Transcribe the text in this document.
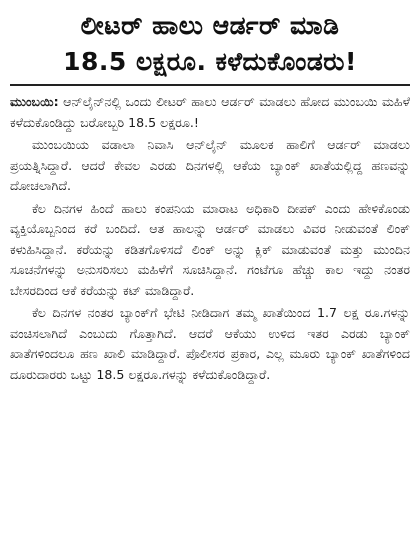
ಲೀಟರ್ ಹಾಲು ಆರ್ಡರ್ ಮಾಡಿ
18.5 ಲಕ್ಷರೂ. ಕಳೆದುಕೊಂಡರು!

ಮುಂಬಯಿ: ಆನ್‌ಲೈನ್‌ನಲ್ಲಿ ಒಂದು ಲೀಟರ್ ಹಾಲು ಆರ್ಡರ್ ಮಾಡಲು ಹೋದ ಮುಂಬಯಿ ಮಹಿಳೆ ಕಳೆದುಕೊಂಡಿದ್ದು ಬರೋಬ್ಬರಿ 18.5 ಲಕ್ಷರೂ.!

ಮುಂಬಯಿಯ ವಡಾಲಾ ನಿವಾಸಿ ಆನ್‌ಲೈನ್ ಮೂಲಕ ಹಾಲಿಗೆ ಆರ್ಡರ್ ಮಾಡಲು ಪ್ರಯತ್ನಿಸಿದ್ದಾರೆ. ಆದರೆ ಕೇವಲ ಎರಡು ದಿನಗಳಲ್ಲಿ ಆಕೆಯ ಬ್ಯಾಂಕ್ ಖಾತೆಯಲ್ಲಿದ್ದ ಹಣವನ್ನು ದೋಚಲಾಗಿದೆ.

ಕೆಲ ದಿನಗಳ ಹಿಂದೆ ಹಾಲು ಕಂಪನಿಯ ಮಾರಾಟ ಅಧಿಕಾರಿ ದೀಪಕ್ ಎಂದು ಹೇಳಿಕೊಂಡು ವ್ಯಕ್ತಿಯೊಬ್ಬನಿಂದ ಕರೆ ಬಂದಿದೆ. ಆತ ಹಾಲನ್ನು ಆರ್ಡರ್ ಮಾಡಲು ವಿವರ ನೀಡುವಂತೆ ಲಿಂಕ್ ಕಳುಹಿಸಿದ್ದಾನೆ. ಕರೆಯನ್ನು ಕಡಿತಗೊಳಿಸದೆ ಲಿಂಕ್ ಅನ್ನು ಕ್ಲಿಕ್ ಮಾಡುವಂತೆ ಮತ್ತು ಮುಂದಿನ ಸೂಚನೆಗಳನ್ನು ಅನುಸರಿಸಲು ಮಹಿಳೆಗೆ ಸೂಚಿಸಿದ್ದಾನೆ. ಗಂಟೆಗೂ ಹೆಚ್ಚು ಕಾಲ ಇದ್ದು ನಂತರ ಬೇಸರದಿಂದ ಆಕೆ ಕರೆಯನ್ನು ಕಟ್ ಮಾಡಿದ್ದಾರೆ.

ಕೆಲ ದಿನಗಳ ನಂತರ ಬ್ಯಾಂಕ್‌ಗೆ ಭೇಟಿ ನೀಡಿದಾಗ ತಮ್ಮ ಖಾತೆಯಿಂದ 1.7 ಲಕ್ಷ ರೂ.ಗಳನ್ನು ವಂಚಿಸಲಾಗಿದೆ ಎಂಬುದು ಗೊತ್ತಾಗಿದೆ. ಆದರೆ ಆಕೆಯು ಉಳಿದ ಇತರ ಎರಡು ಬ್ಯಾಂಕ್ ಖಾತೆಗಳಿಂದಲೂ ಹಣ ಖಾಲಿ ಮಾಡಿದ್ದಾರೆ. ಪೊಲೀಸರ ಪ್ರಕಾರ, ಎಲ್ಲ ಮೂರು ಬ್ಯಾಂಕ್ ಖಾತೆಗಳಿಂದ ದೂರುದಾರರು ಒಟ್ಟು 18.5 ಲಕ್ಷರೂ.ಗಳನ್ನು ಕಳೆದುಕೊಂಡಿದ್ದಾರೆ.
